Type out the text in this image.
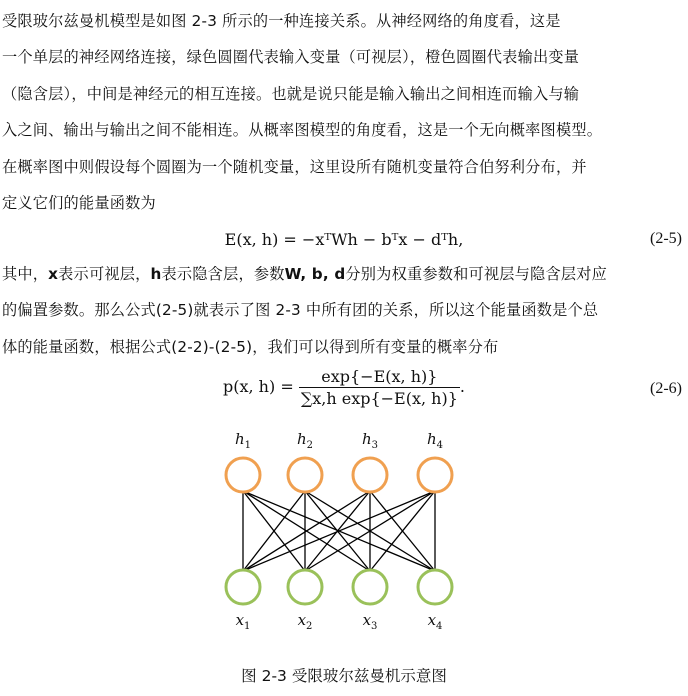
受限玻尔兹曼机模型是如图 2-3 所示的一种连接关系。从神经网络的角度看，这是
一个单层的神经网络连接，绿色圆圈代表输入变量（可视层），橙色圆圈代表输出变量
（隐含层），中间是神经元的相互连接。也就是说只能是输入输出之间相连而输入与输
入之间、输出与输出之间不能相连。从概率图模型的角度看，这是一个无向概率图模型。
在概率图中则假设每个圆圈为一个随机变量，这里设所有随机变量符合伯努利分布，并
定义它们的能量函数为
E(x, h) = −xᵀWh − bᵀx − dᵀh,	(2-5)
其中，x表示可视层，h表示隐含层，参数W, b, d分别为权重参数和可视层与隐含层对应
的偏置参数。那么公式(2-5)就表示了图 2-3 中所有团的关系，所以这个能量函数是个总
体的能量函数，根据公式(2-2)-(2-5)，我们可以得到所有变量的概率分布
p(x, $h) = \frac{\exp\{-E(x, h)\}}{\text{∑x,h exp\{−E(x, h)\}}}$ .	(2-6)
$h_1$
$x_1$
$h_2$
$x_2$
$h_3$
$x_3$
$h_4$
$x_4$
图 2-3 受限玻尔兹曼机示意图
